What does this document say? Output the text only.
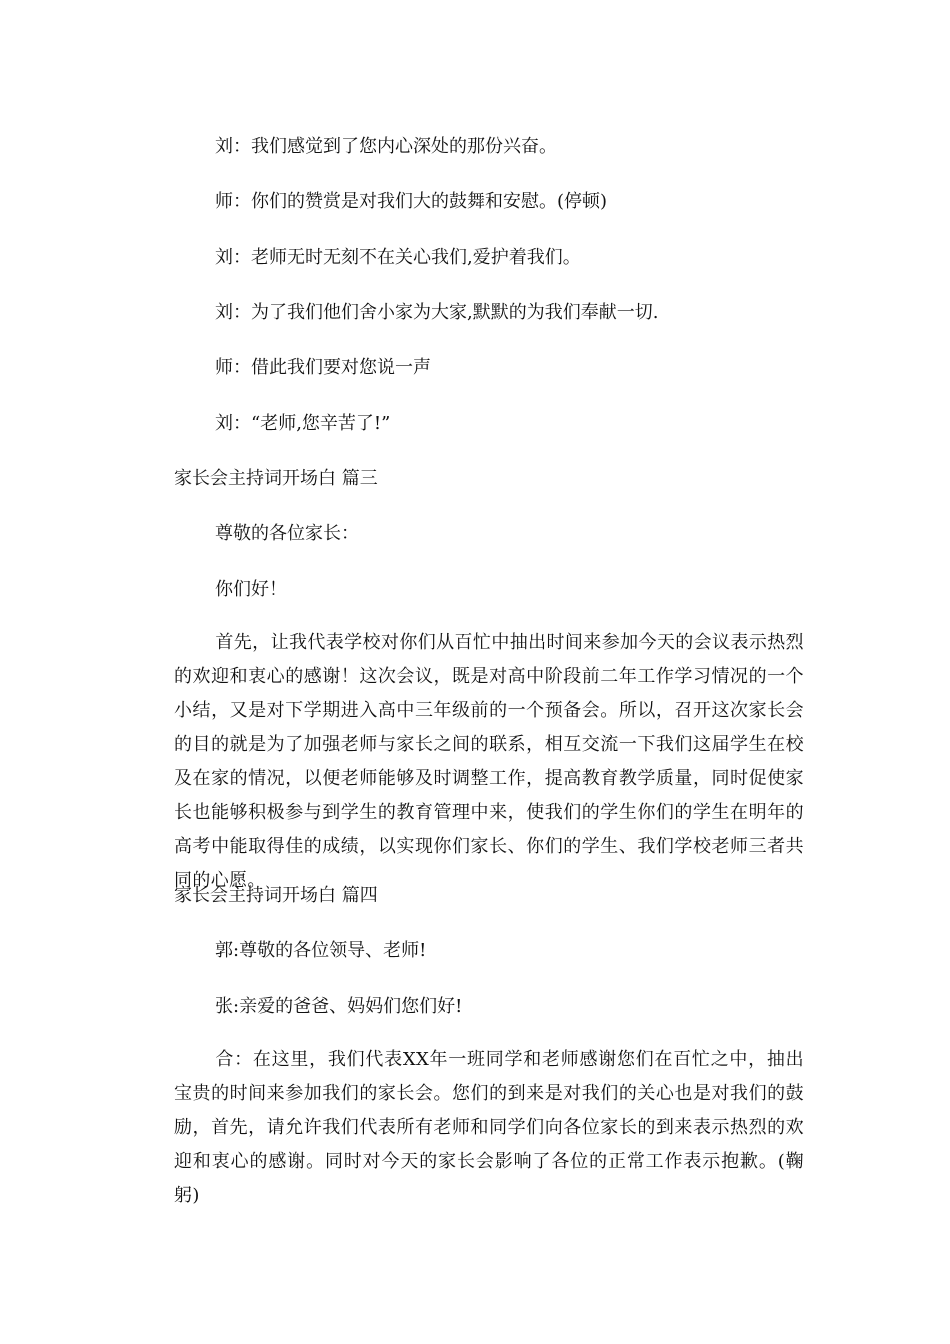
刘：我们感觉到了您内心深处的那份兴奋。

师：你们的赞赏是对我们大的鼓舞和安慰。(停顿)

刘：老师无时无刻不在关心我们,爱护着我们。

刘：为了我们他们舍小家为大家,默默的为我们奉献一切.

师：借此我们要对您说一声

刘：“老师,您辛苦了!”

家长会主持词开场白 篇三

尊敬的各位家长：

你们好！

首先，让我代表学校对你们从百忙中抽出时间来参加今天的会议表示热烈的欢迎和衷心的感谢！这次会议，既是对高中阶段前二年工作学习情况的一个小结，又是对下学期进入高中三年级前的一个预备会。所以，召开这次家长会的目的就是为了加强老师与家长之间的联系，相互交流一下我们这届学生在校及在家的情况，以便老师能够及时调整工作，提高教育教学质量，同时促使家长也能够积极参与到学生的教育管理中来，使我们的学生你们的学生在明年的高考中能取得佳的成绩，以实现你们家长、你们的学生、我们学校老师三者共同的心愿。

家长会主持词开场白 篇四

郭:尊敬的各位领导、老师!

张:亲爱的爸爸、妈妈们您们好!

合：在这里，我们代表XX年一班同学和老师感谢您们在百忙之中，抽出宝贵的时间来参加我们的家长会。您们的到来是对我们的关心也是对我们的鼓励，首先，请允许我们代表所有老师和同学们向各位家长的到来表示热烈的欢迎和衷心的感谢。同时对今天的家长会影响了各位的正常工作表示抱歉。(鞠躬)
